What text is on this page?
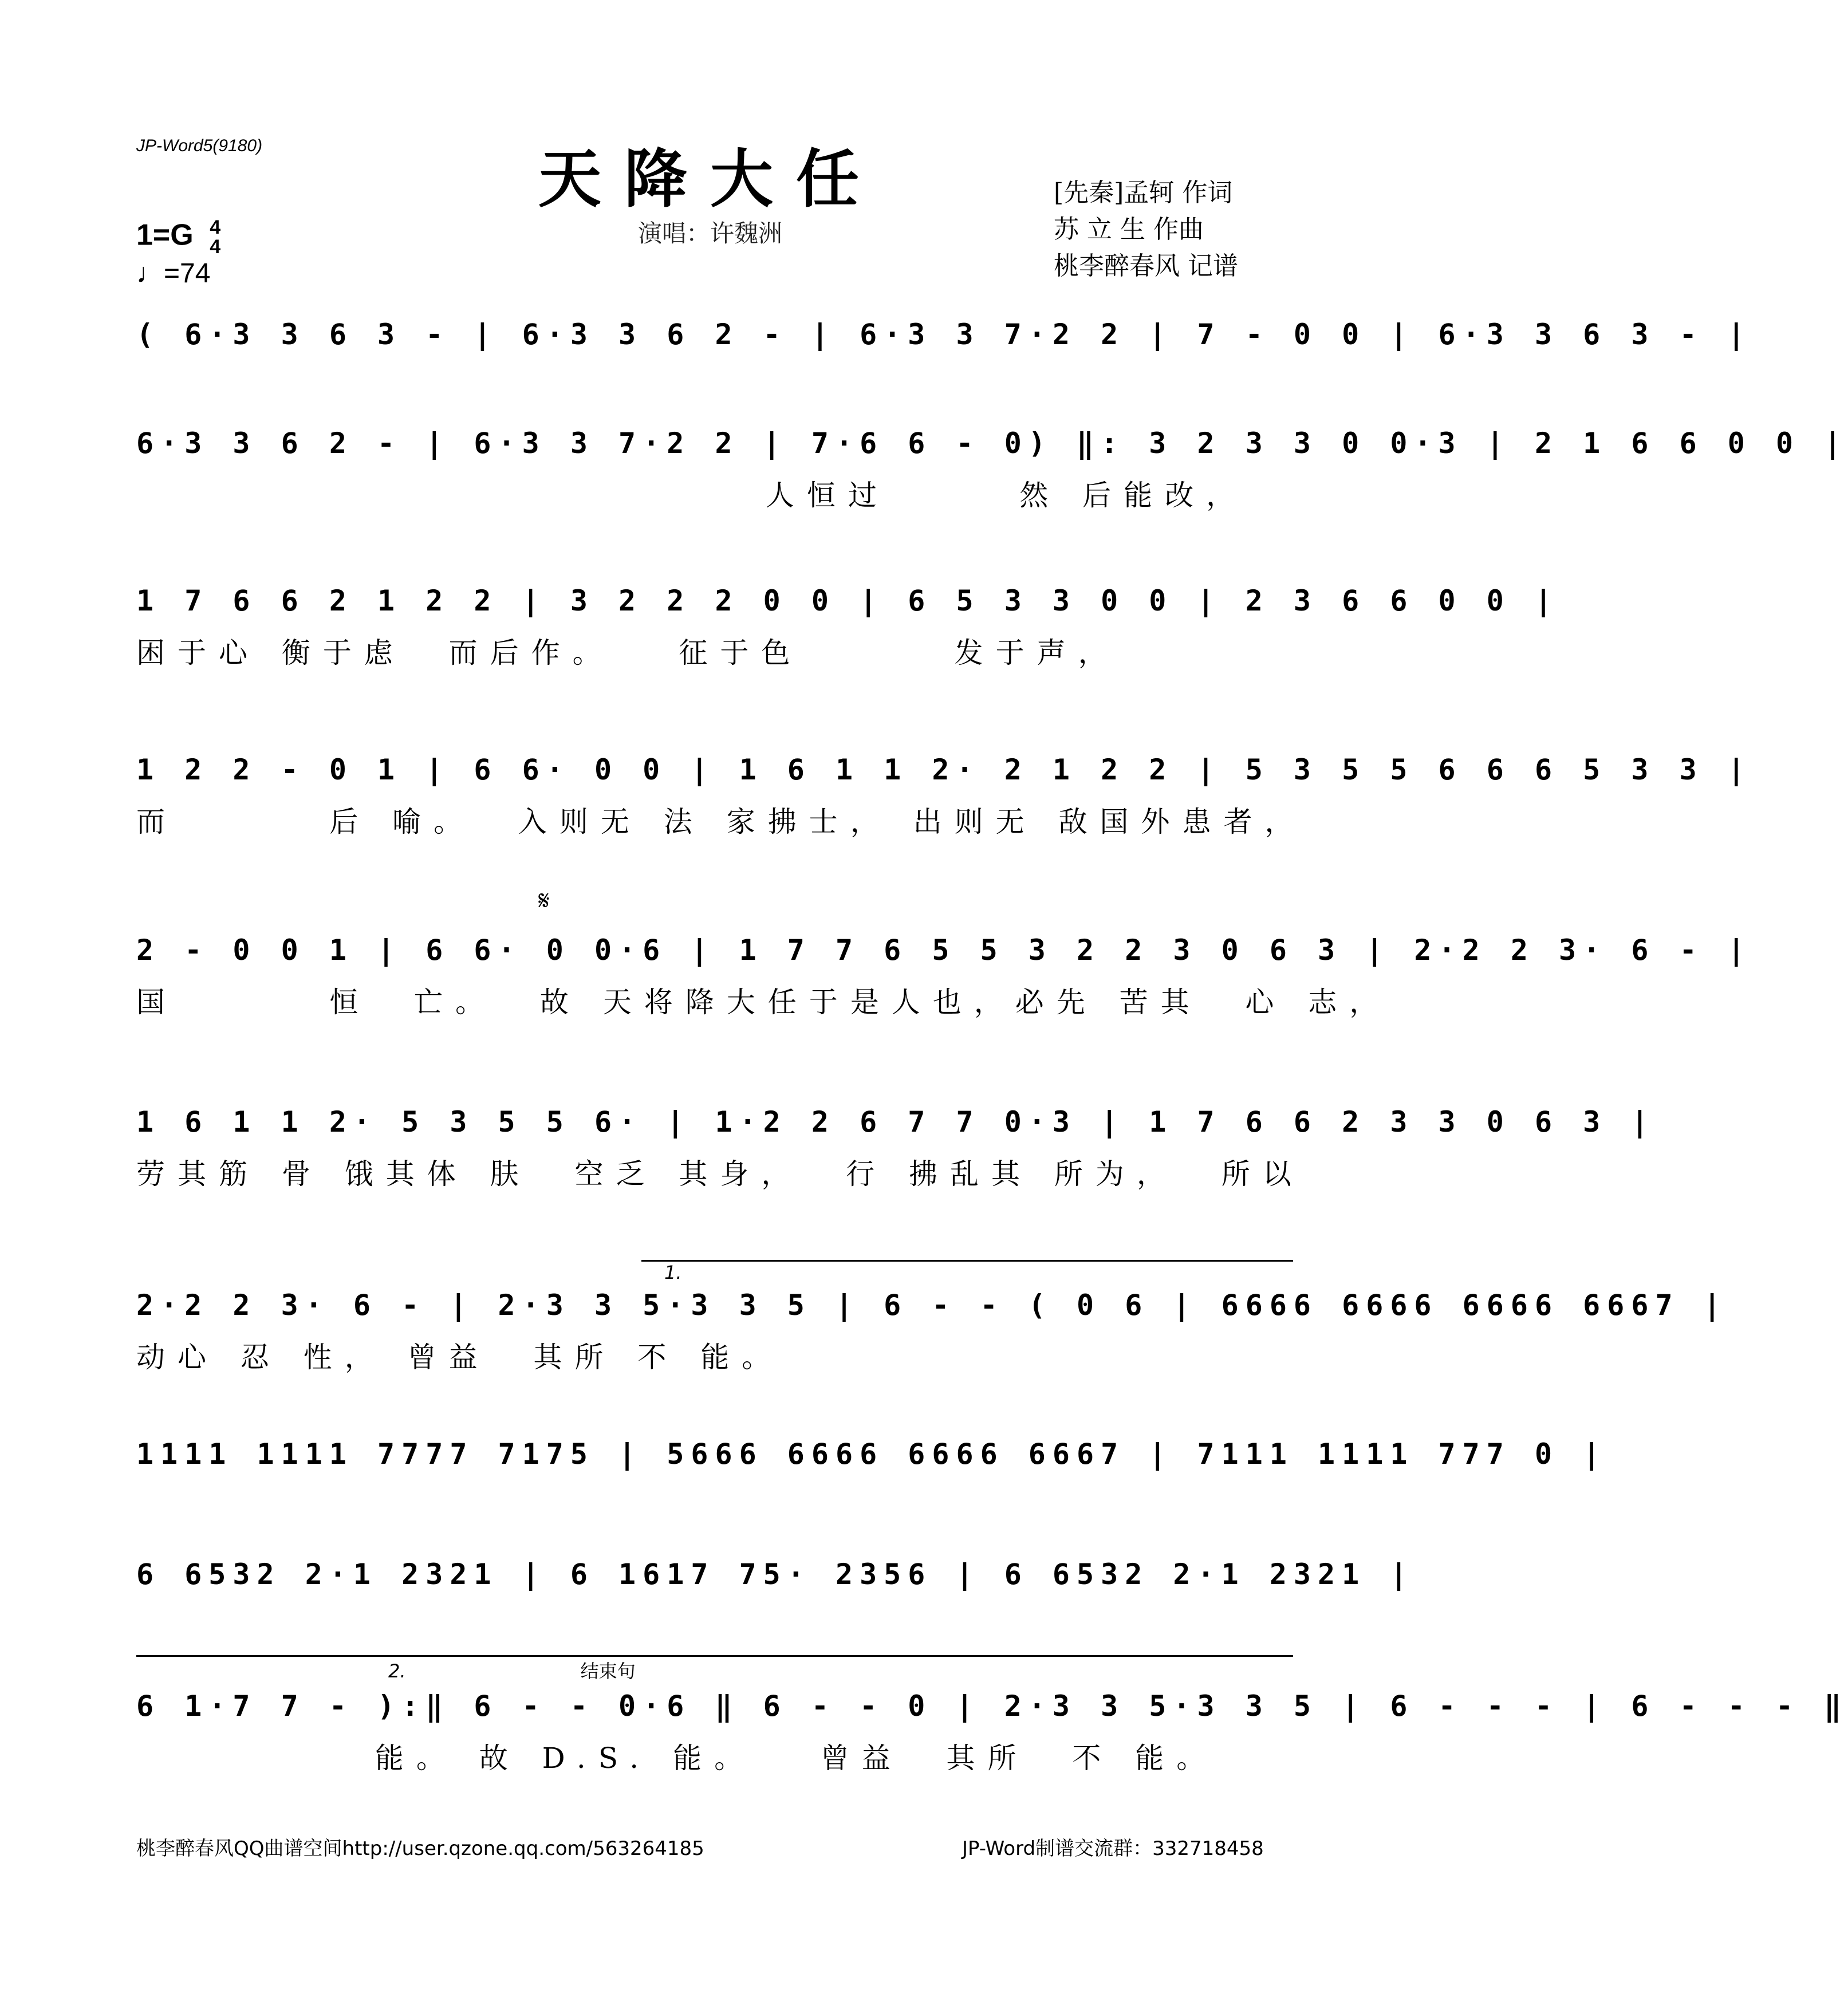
JP-Word5(9180)	天降大任
演唱：许魏洲
[先秦]孟轲 作词
苏 立 生 作曲
桃李醉春风 记谱
1=G 4
4
♩=74
𝄋
( 6·3 3 6 3 - | 6·3 3 6 2 - | 6·3 3 7·2 2 | 7 - 0 0 | 6·3 3 6 3 - |
6·3 3 6 2 - | 6·3 3 7·2 2 | 7·6 6 - 0) ‖: 3 2 3 3 0 0·3 | 2 1 6 6 0 0 |
人恒过      然 后能改，
1 7 6 6 2 1 2 2 | 3 2 2 2 0 0 | 6 5 3 3 0 0 | 2 3 6 6 0 0 |
困于心 衡于虑  而后作。   征于色       发于声，
1 2 2 - 0 1 | 6 6· 0 0 | 1 6 1 1 2· 2 1 2 2 | 5 3 5 5 6 6 6 5 3 3 |
而       后 喻。  入则无 法 家拂士， 出则无 敌国外患者，
2 - 0 0 1 | 6 6· 0 0·6 | 1 7 7 6 5 5 3 2 2 3 0 6 3 | 2·2 2 3· 6 - |
国       恒  亡。  故 天将降大任于是人也，必先 苦其  心 志，
1 6 1 1 2· 5 3 5 5 6· | 1·2 2 6 7 7 0·3 | 1 7 6 6 2 3 3 0 6 3 |
劳其筋 骨 饿其体 肤  空乏 其身，  行 拂乱其 所为，  所以
2·2 2 3· 6 - | 2·3 3 5·3 3 5 | 6 - - ( 0 6 | 6666 6666 6666 6667 |
动心 忍 性， 曾益  其所 不 能。
1111 1111 7777 7175 | 5666 6666 6666 6667 | 7111 1111 777 0 |
6 6532 2·1 2321 | 6 1617 75· 2356 | 6 6532 2·1 2321 |
6 1·7 7 - ):‖ 6 - - 0·6 ‖ 6 - - 0 | 2·3 3 5·3 3 5 | 6 - - - | 6 - - - ‖
能。 故 D.S. 能。   曾益  其所  不 能。
1.
2.	结束句
桃李醉春风QQ曲谱空间http://user.qzone.qq.com/563264185	JP-Word制谱交流群：332718458
